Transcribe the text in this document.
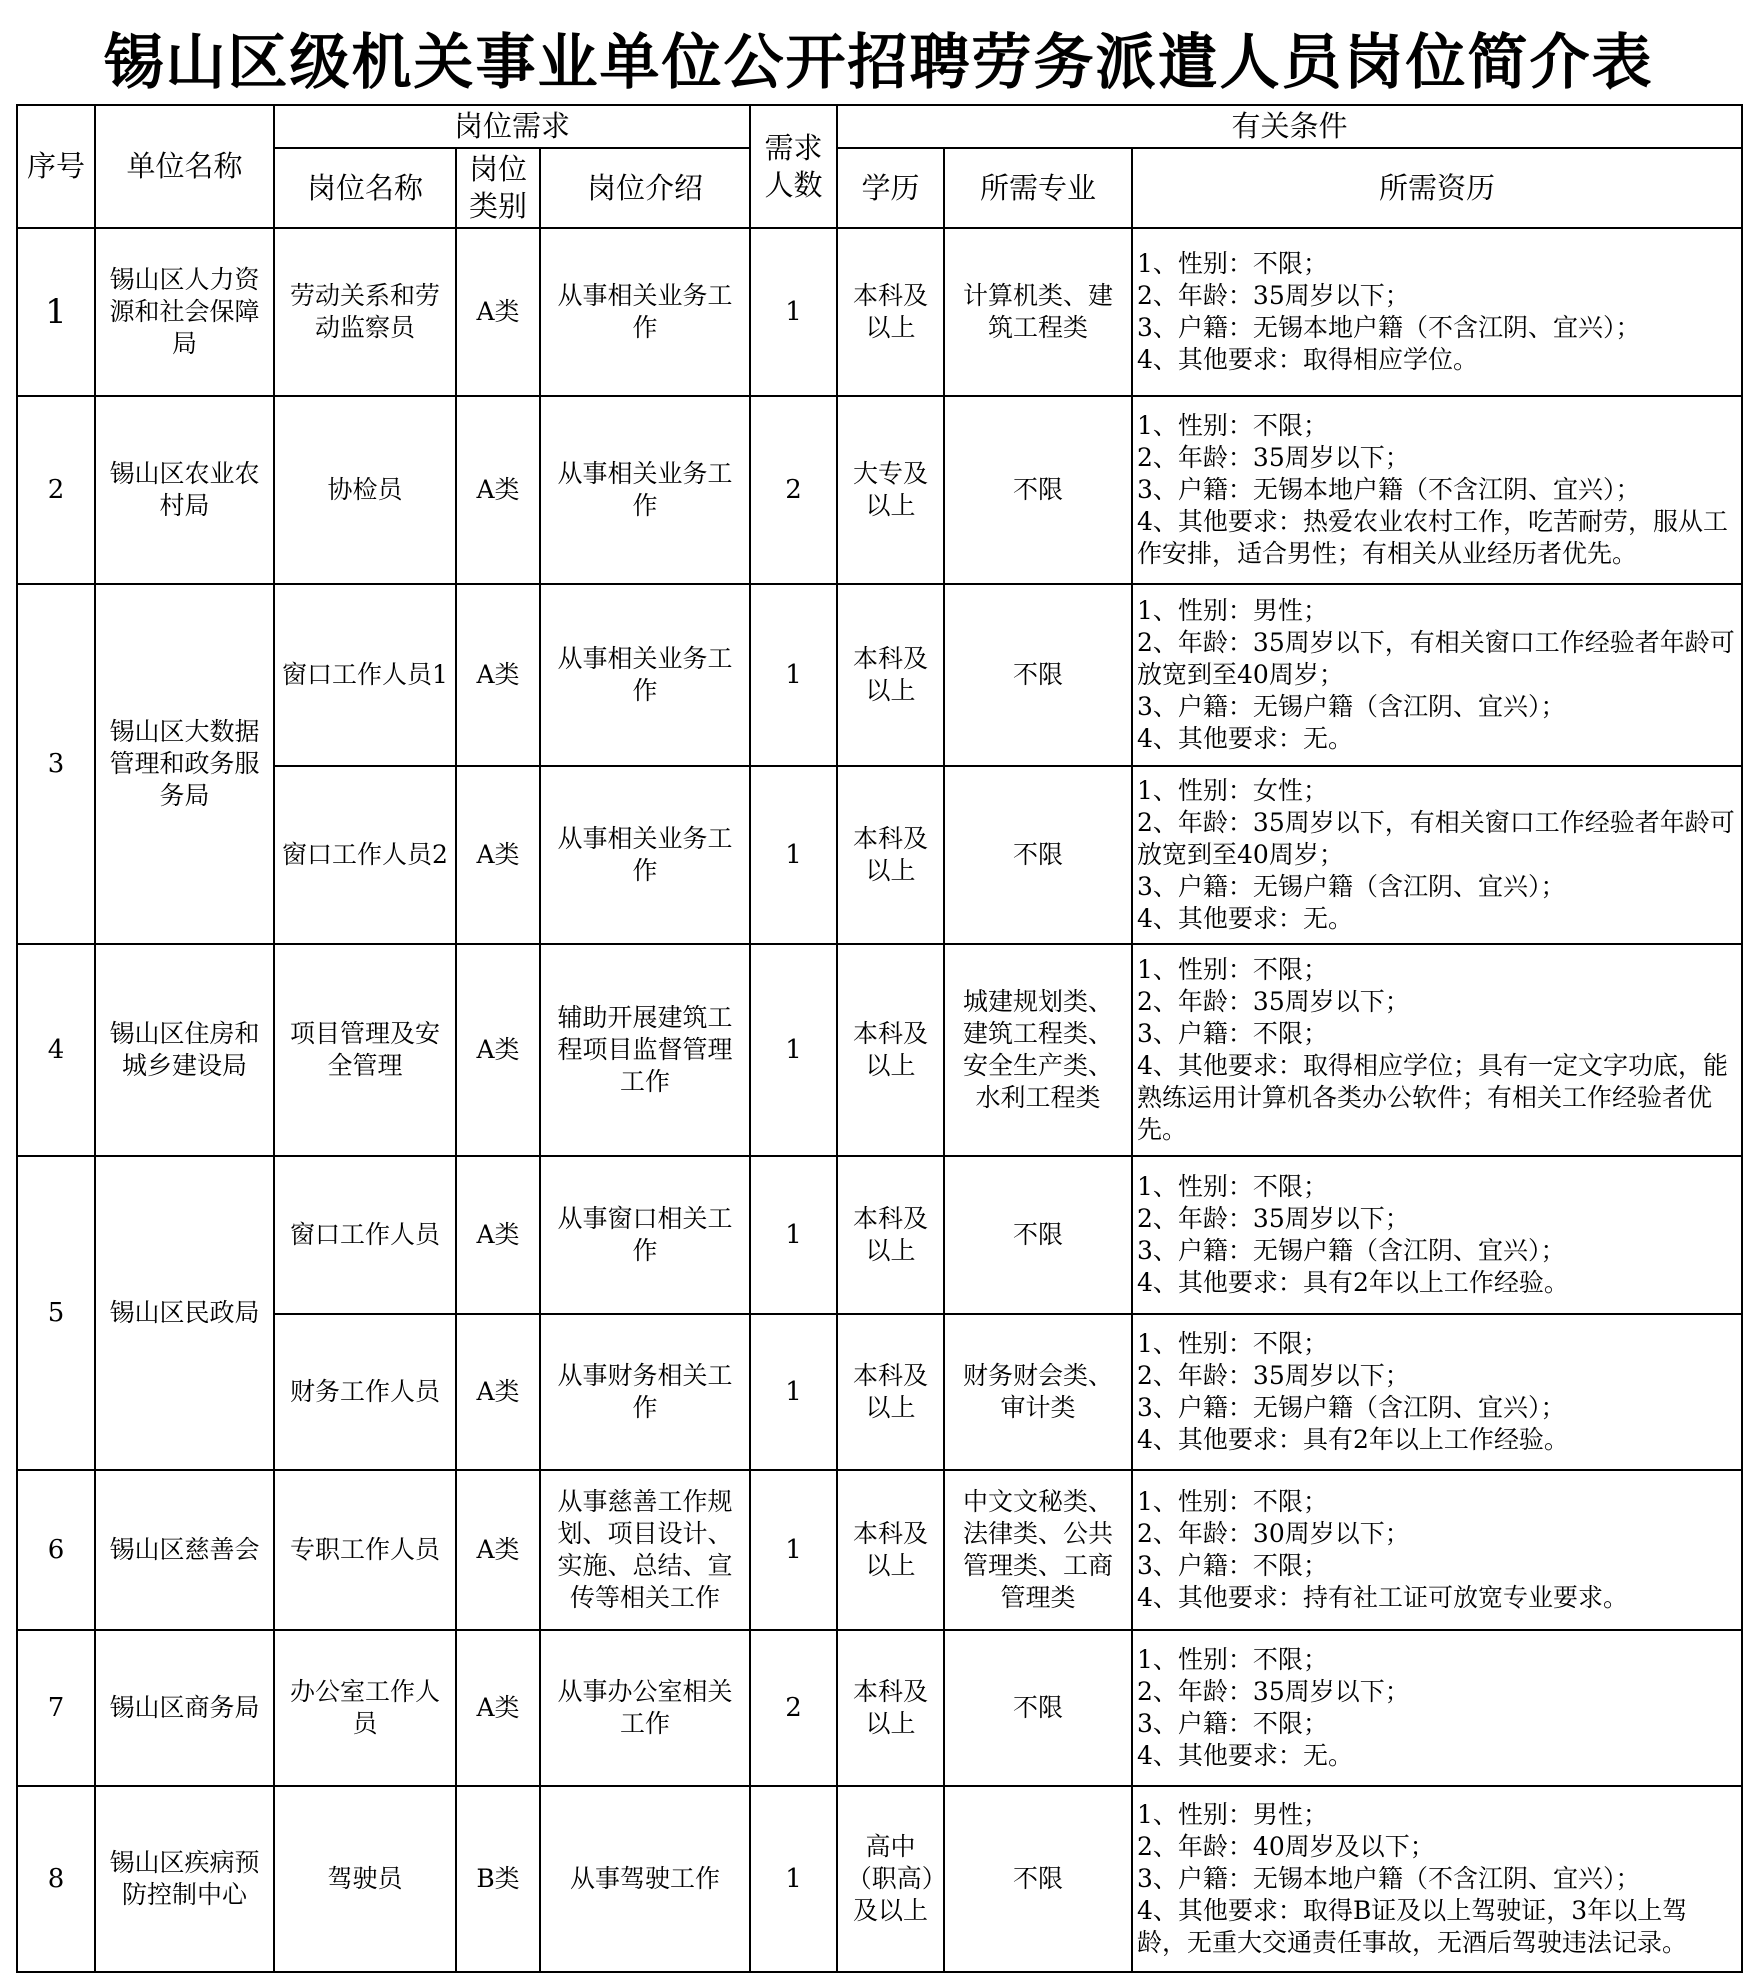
锡山区级机关事业单位公开招聘劳务派遣人员岗位简介表
序号	单位名称	岗位需求			需求人数	有关条件		
		岗位名称	岗位类别	岗位介绍		学历	所需专业	所需资历
1	锡山区人力资源和社会保障局	劳动关系和劳动监察员	A类	从事相关业务工作	1	本科及以上	计算机类、建筑工程类	1、性别：不限；
2、年龄：35周岁以下；
3、户籍：无锡本地户籍（不含江阴、宜兴）；
4、其他要求：取得相应学位。

2	锡山区农业农村局	协检员	A类	从事相关业务工作	2	大专及以上	不限	1、性别：不限；
2、年龄：35周岁以下；
3、户籍：无锡本地户籍（不含江阴、宜兴）；
4、其他要求：热爱农业农村工作，吃苦耐劳，服从工作安排，适合男性；有相关从业经历者优先。

3	锡山区大数据管理和政务服务局	窗口工作人员1	A类	从事相关业务工作	1	本科及以上	不限	1、性别：男性；
2、年龄：35周岁以下，有相关窗口工作经验者年龄可放宽到至40周岁；
3、户籍：无锡户籍（含江阴、宜兴）；
4、其他要求：无。

		窗口工作人员2	A类	从事相关业务工作	1	本科及以上	不限	1、性别：女性；
2、年龄：35周岁以下，有相关窗口工作经验者年龄可放宽到至40周岁；
3、户籍：无锡户籍（含江阴、宜兴）；
4、其他要求：无。

4	锡山区住房和城乡建设局	项目管理及安全管理	A类	辅助开展建筑工程项目监督管理工作	1	本科及以上	城建规划类、建筑工程类、安全生产类、水利工程类	1、性别：不限；
2、年龄：35周岁以下；
3、户籍：不限；
4、其他要求：取得相应学位；具有一定文字功底，能熟练运用计算机各类办公软件；有相关工作经验者优先。

5	锡山区民政局	窗口工作人员	A类	从事窗口相关工作	1	本科及以上	不限	1、性别：不限；
2、年龄：35周岁以下；
3、户籍：无锡户籍（含江阴、宜兴）；
4、其他要求：具有2年以上工作经验。

		财务工作人员	A类	从事财务相关工作	1	本科及以上	财务财会类、审计类	1、性别：不限；
2、年龄：35周岁以下；
3、户籍：无锡户籍（含江阴、宜兴）；
4、其他要求：具有2年以上工作经验。

6	锡山区慈善会	专职工作人员	A类	从事慈善工作规划、项目设计、实施、总结、宣传等相关工作	1	本科及以上	中文文秘类、法律类、公共管理类、工商管理类	1、性别：不限；
2、年龄：30周岁以下；
3、户籍：不限；
4、其他要求：持有社工证可放宽专业要求。

7	锡山区商务局	办公室工作人员	A类	从事办公室相关工作	2	本科及以上	不限	1、性别：不限；
2、年龄：35周岁以下；
3、户籍：不限；
4、其他要求：无。

8	锡山区疾病预防控制中心	驾驶员	B类	从事驾驶工作	1	高中（职高）及以上	不限	1、性别：男性；
2、年龄：40周岁及以下；
3、户籍：无锡本地户籍（不含江阴、宜兴）；
4、其他要求：取得B证及以上驾驶证，3年以上驾龄，无重大交通责任事故，无酒后驾驶违法记录。
